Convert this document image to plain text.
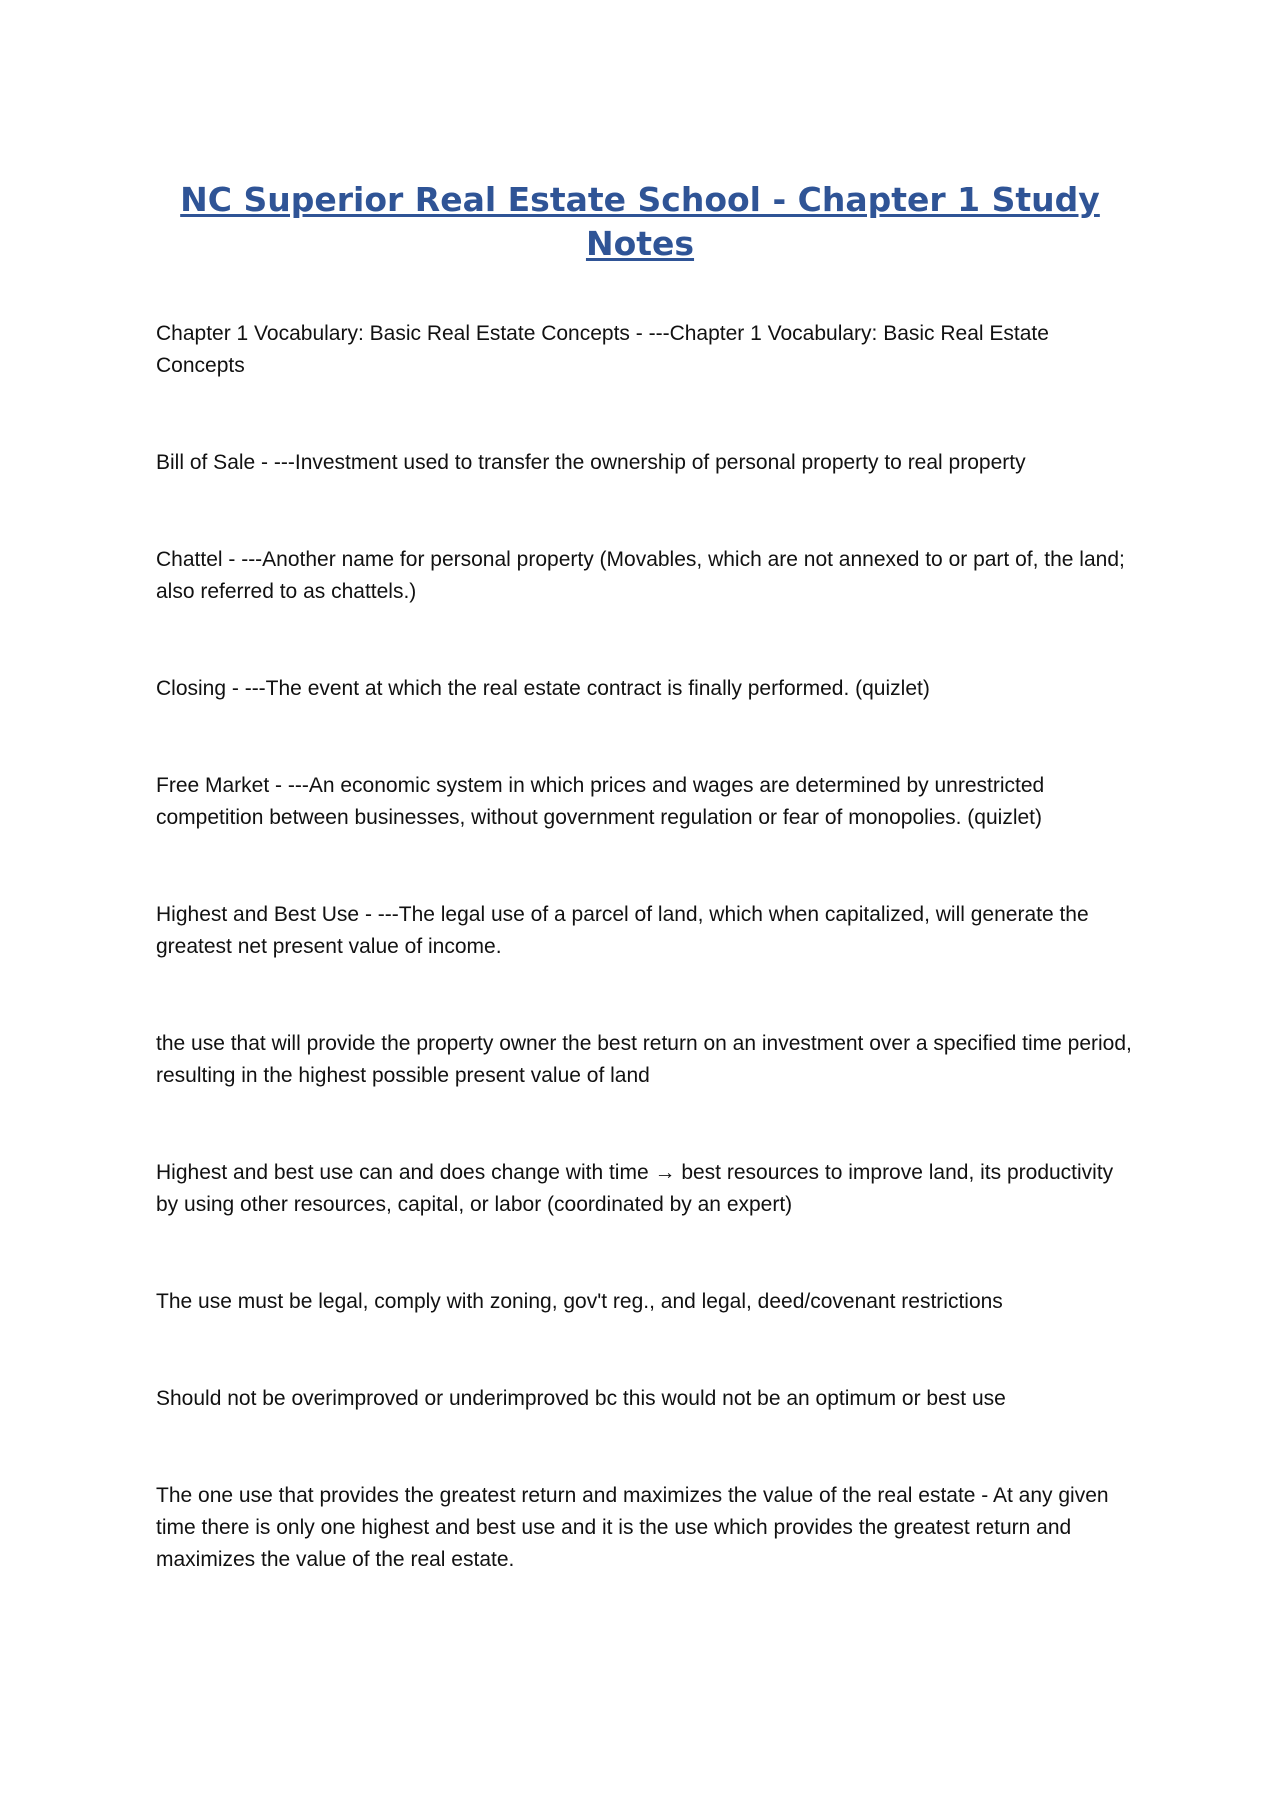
NC Superior Real Estate School - Chapter 1 Study Notes

Chapter 1 Vocabulary: Basic Real Estate Concepts - ---Chapter 1 Vocabulary: Basic Real Estate Concepts

Bill of Sale - ---Investment used to transfer the ownership of personal property to real property

Chattel - ---Another name for personal property (Movables, which are not annexed to or part of, the land; also referred to as chattels.)

Closing - ---The event at which the real estate contract is finally performed. (quizlet)

Free Market - ---An economic system in which prices and wages are determined by unrestricted competition between businesses, without government regulation or fear of monopolies. (quizlet)

Highest and Best Use - ---The legal use of a parcel of land, which when capitalized, will generate the greatest net present value of income.

the use that will provide the property owner the best return on an investment over a specified time period, resulting in the highest possible present value of land

Highest and best use can and does change with time → best resources to improve land, its productivity by using other resources, capital, or labor (coordinated by an expert)

The use must be legal, comply with zoning, gov't reg., and legal, deed/covenant restrictions

Should not be overimproved or underimproved bc this would not be an optimum or best use

The one use that provides the greatest return and maximizes the value of the real estate - At any given time there is only one highest and best use and it is the use which provides the greatest return and maximizes the value of the real estate.
